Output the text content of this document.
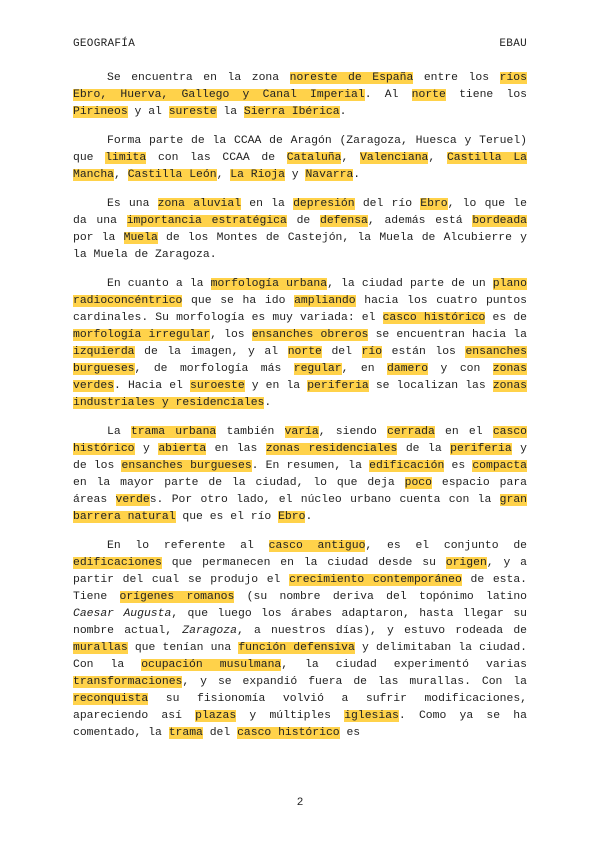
GEOGRAFÍA	EBAU

Se encuentra en la zona noreste de España entre los ríos Ebro, Huerva, Gallego y Canal Imperial. Al norte tiene los Pirineos y al sureste la Sierra Ibérica.

Forma parte de la CCAA de Aragón (Zaragoza, Huesca y Teruel) que limita con las CCAA de Cataluña, Valenciana, Castilla La Mancha, Castilla León, La Rioja y Navarra.

Es una zona aluvial en la depresión del río Ebro, lo que le da una importancia estratégica de defensa, además está bordeada por la Muela de los Montes de Castejón, la Muela de Alcubierre y la Muela de Zaragoza.

En cuanto a la morfología urbana, la ciudad parte de un plano radioconcéntrico que se ha ido ampliando hacia los cuatro puntos cardinales. Su morfología es muy variada: el casco histórico es de morfología irregular, los ensanches obreros se encuentran hacia la izquierda de la imagen, y al norte del río están los ensanches burgueses, de morfología más regular, en damero y con zonas verdes. Hacia el suroeste y en la periferia se localizan las zonas industriales y residenciales.

La trama urbana también varía, siendo cerrada en el casco histórico y abierta en las zonas residenciales de la periferia y de los ensanches burgueses. En resumen, la edificación es compacta en la mayor parte de la ciudad, lo que deja poco espacio para áreas verdes. Por otro lado, el núcleo urbano cuenta con la gran barrera natural que es el río Ebro.

En lo referente al casco antiguo, es el conjunto de edificaciones que permanecen en la ciudad desde su origen, y a partir del cual se produjo el crecimiento contemporáneo de esta. Tiene orígenes romanos (su nombre deriva del topónimo latino Caesar Augusta, que luego los árabes adaptaron, hasta llegar su nombre actual, Zaragoza, a nuestros días), y estuvo rodeada de murallas que tenían una función defensiva y delimitaban la ciudad. Con la ocupación musulmana, la ciudad experimentó varias transformaciones, y se expandió fuera de las murallas. Con la reconquista su fisionomía volvió a sufrir modificaciones, apareciendo así plazas y múltiples iglesias. Como ya se ha comentado, la trama del casco histórico es

2
